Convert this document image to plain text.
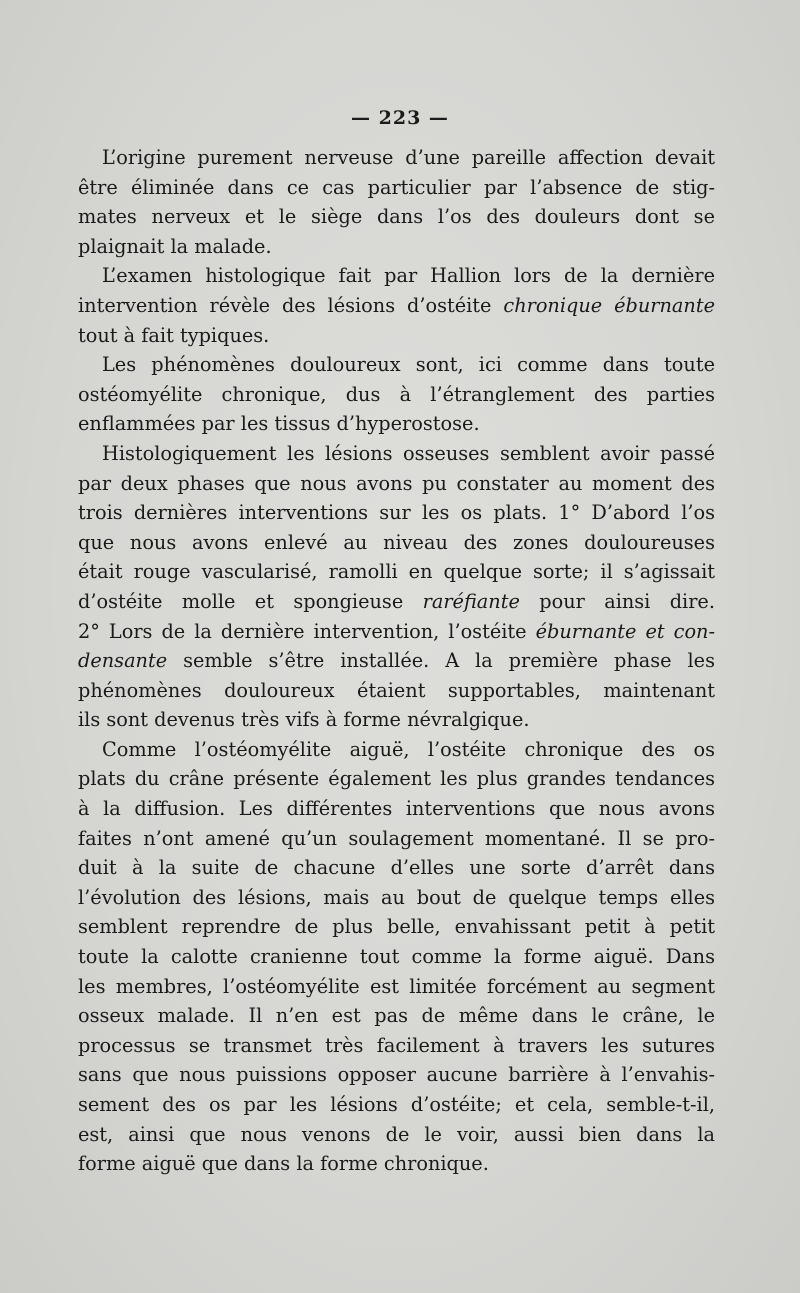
— 223 —
L’origine purement nerveuse d’une pareille affection devait
être éliminée dans ce cas particulier par l’absence de stig-
mates nerveux et le siège dans l’os des douleurs dont se
plaignait la malade.
L’examen histologique fait par Hallion lors de la dernière
intervention révèle des lésions d’ostéite chronique éburnante
tout à fait typiques.
Les phénomènes douloureux sont, ici comme dans toute
ostéomyélite chronique, dus à l’étranglement des parties
enflammées par les tissus d’hyperostose.
Histologiquement les lésions osseuses semblent avoir passé
par deux phases que nous avons pu constater au moment des
trois dernières interventions sur les os plats. 1° D’abord l’os
que nous avons enlevé au niveau des zones douloureuses
était rouge vascularisé, ramolli en quelque sorte; il s’agissait
d’ostéite molle et spongieuse raréfiante pour ainsi dire.
2° Lors de la dernière intervention, l’ostéite éburnante et con-
densante semble s’être installée. A la première phase les
phénomènes douloureux étaient supportables, maintenant
ils sont devenus très vifs à forme névralgique.
Comme l’ostéomyélite aiguë, l’ostéite chronique des os
plats du crâne présente également les plus grandes tendances
à la diffusion. Les différentes interventions que nous avons
faites n’ont amené qu’un soulagement momentané. Il se pro-
duit à la suite de chacune d’elles une sorte d’arrêt dans
l’évolution des lésions, mais au bout de quelque temps elles
semblent reprendre de plus belle, envahissant petit à petit
toute la calotte cranienne tout comme la forme aiguë. Dans
les membres, l’ostéomyélite est limitée forcément au segment
osseux malade. Il n’en est pas de même dans le crâne, le
processus se transmet très facilement à travers les sutures
sans que nous puissions opposer aucune barrière à l’envahis-
sement des os par les lésions d’ostéite; et cela, semble-t-il,
est, ainsi que nous venons de le voir, aussi bien dans la
forme aiguë que dans la forme chronique.
